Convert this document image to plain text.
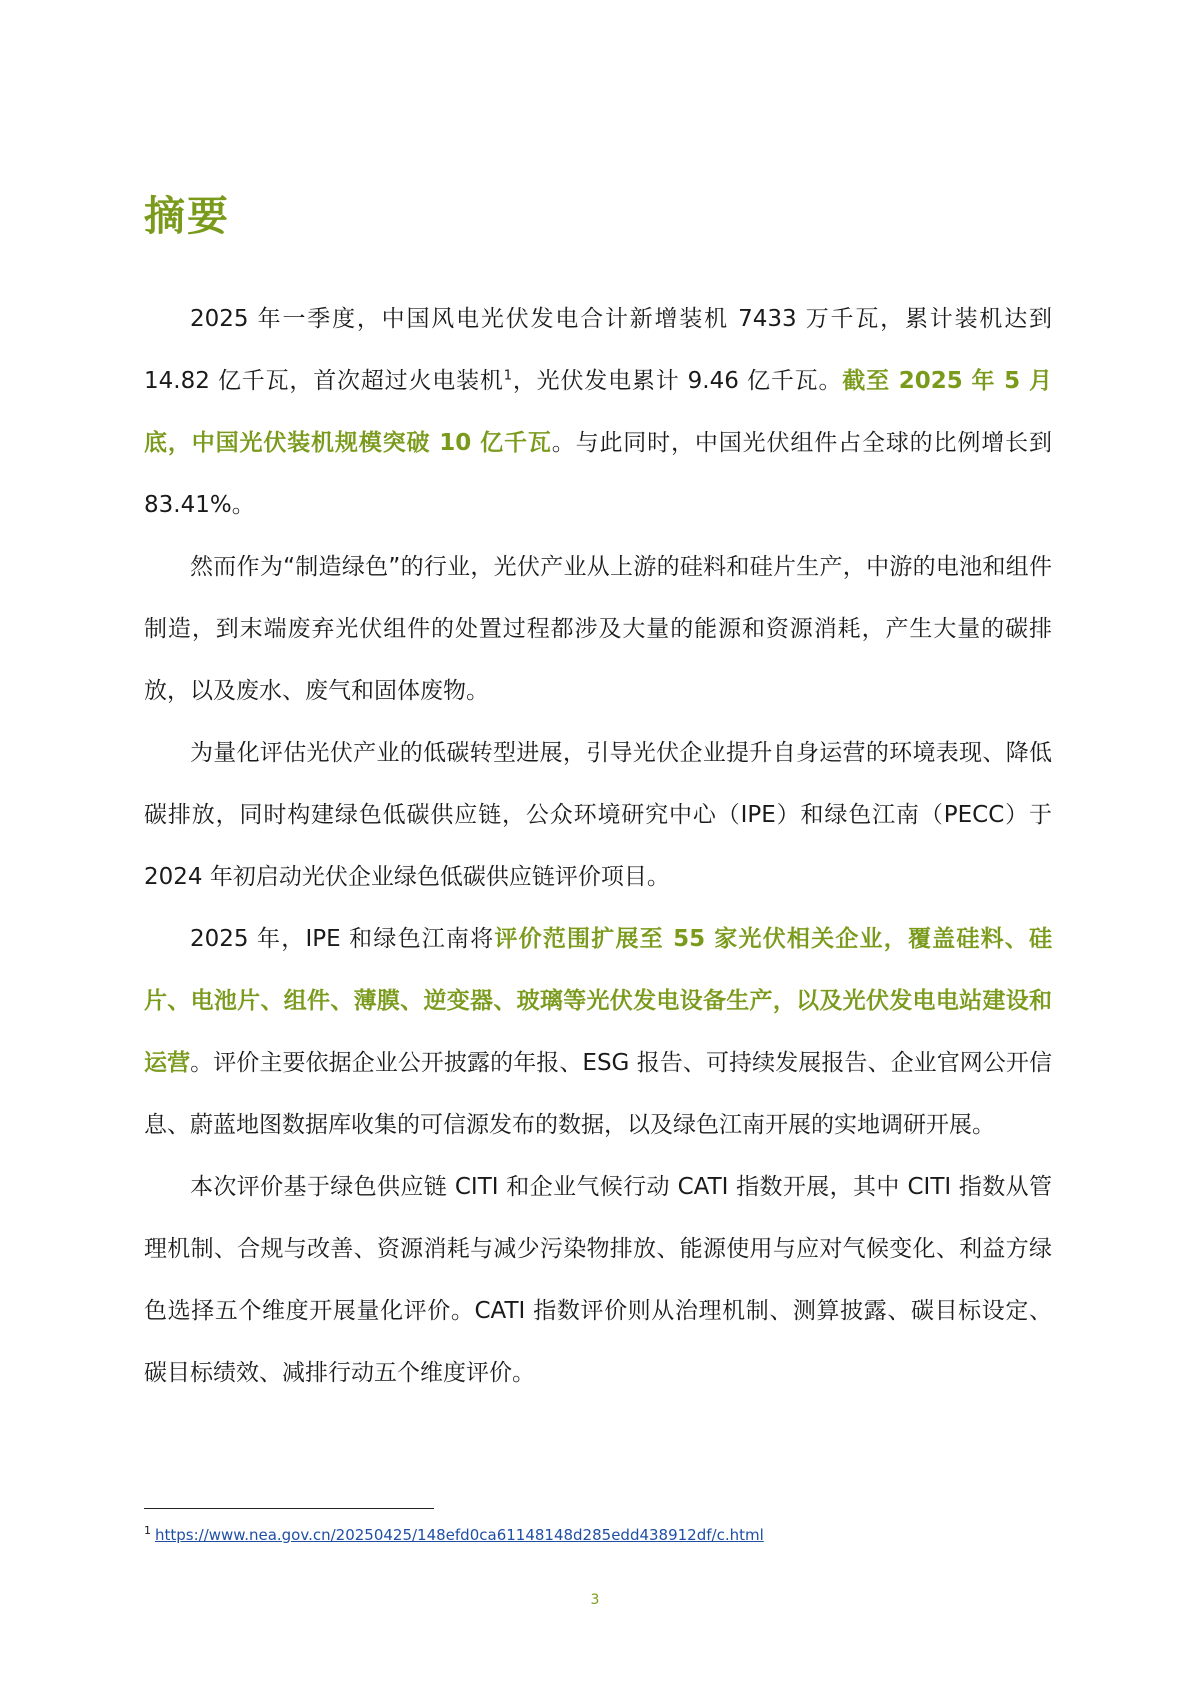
摘要

2025 年一季度，中国风电光伏发电合计新增装机 7433 万千瓦，累计装机达到 14.82 亿千瓦，首次超过火电装机$^1$，光伏发电累计 9.46 亿千瓦。截至 2025 年 5 月底，中国光伏装机规模突破 10 亿千瓦。与此同时，中国光伏组件占全球的比例增长到 83.41%。

然而作为“制造绿色”的行业，光伏产业从上游的硅料和硅片生产，中游的电池和组件制造，到末端废弃光伏组件的处置过程都涉及大量的能源和资源消耗，产生大量的碳排放，以及废水、废气和固体废物。

为量化评估光伏产业的低碳转型进展，引导光伏企业提升自身运营的环境表现、降低碳排放，同时构建绿色低碳供应链，公众环境研究中心（IPE）和绿色江南（PECC）于 2024 年初启动光伏企业绿色低碳供应链评价项目。

2025 年，IPE 和绿色江南将评价范围扩展至 55 家光伏相关企业，覆盖硅料、硅片、电池片、组件、薄膜、逆变器、玻璃等光伏发电设备生产，以及光伏发电电站建设和运营。评价主要依据企业公开披露的年报、ESG 报告、可持续发展报告、企业官网公开信息、蔚蓝地图数据库收集的可信源发布的数据，以及绿色江南开展的实地调研开展。

本次评价基于绿色供应链 CITI 和企业气候行动 CATI 指数开展，其中 CITI 指数从管理机制、合规与改善、资源消耗与减少污染物排放、能源使用与应对气候变化、利益方绿色选择五个维度开展量化评价。CATI 指数评价则从治理机制、测算披露、碳目标设定、碳目标绩效、减排行动五个维度评价。

$^1$ https://www.nea.gov.cn/20250425/148efd0ca61148148d285edd438912df/c.html
3
